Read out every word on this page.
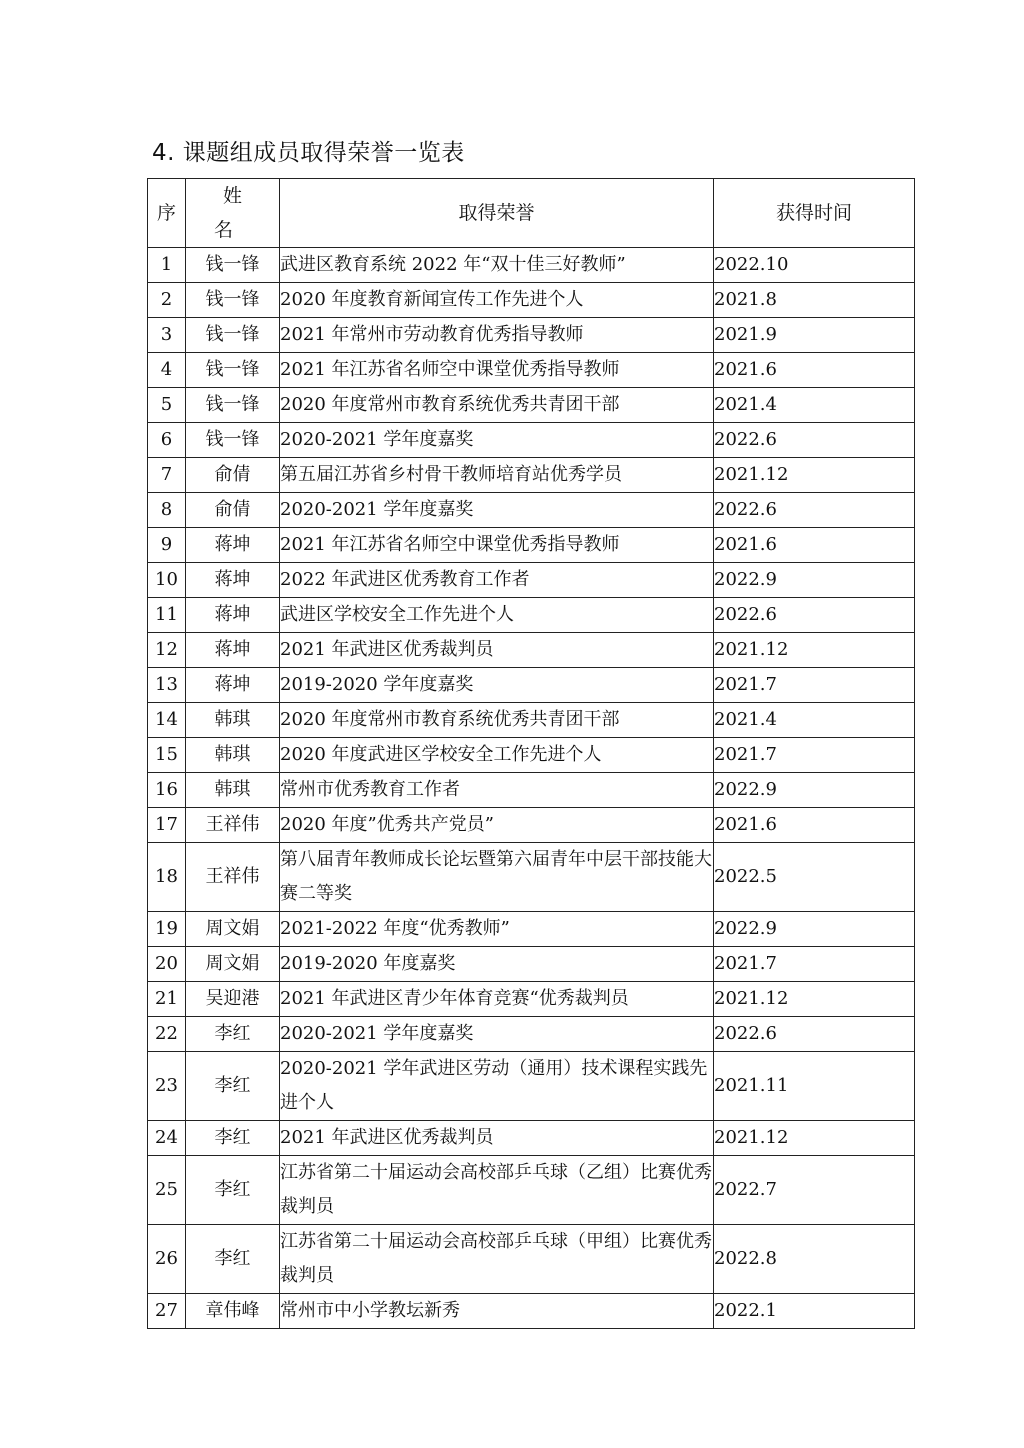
4. 课题组成员取得荣誉一览表
序	姓 名	取得荣誉	获得时间
1	钱一锋	武进区教育系统 2022 年“双十佳三好教师”	2022.10
2	钱一锋	2020 年度教育新闻宣传工作先进个人	2021.8
3	钱一锋	2021 年常州市劳动教育优秀指导教师	2021.9
4	钱一锋	2021 年江苏省名师空中课堂优秀指导教师	2021.6
5	钱一锋	2020 年度常州市教育系统优秀共青团干部	2021.4
6	钱一锋	2020-2021 学年度嘉奖	2022.6
7	俞倩	第五届江苏省乡村骨干教师培育站优秀学员	2021.12
8	俞倩	2020-2021 学年度嘉奖	2022.6
9	蒋坤	2021 年江苏省名师空中课堂优秀指导教师	2021.6
10	蒋坤	2022 年武进区优秀教育工作者	2022.9
11	蒋坤	武进区学校安全工作先进个人	2022.6
12	蒋坤	2021 年武进区优秀裁判员	2021.12
13	蒋坤	2019-2020 学年度嘉奖	2021.7
14	韩琪	2020 年度常州市教育系统优秀共青团干部	2021.4
15	韩琪	2020 年度武进区学校安全工作先进个人	2021.7
16	韩琪	常州市优秀教育工作者	2022.9
17	王祥伟	2020 年度”优秀共产党员”	2021.6
18	王祥伟	第八届青年教师成长论坛暨第六届青年中层干部技能大赛二等奖	2022.5
19	周文娟	2021-2022 年度“优秀教师”	2022.9
20	周文娟	2019-2020 年度嘉奖	2021.7
21	吴迎港	2021 年武进区青少年体育竞赛“优秀裁判员	2021.12
22	李红	2020-2021 学年度嘉奖	2022.6
23	李红	2020-2021 学年武进区劳动（通用）技术课程实践先进个人	2021.11
24	李红	2021 年武进区优秀裁判员	2021.12
25	李红	江苏省第二十届运动会高校部乒乓球（乙组）比赛优秀裁判员	2022.7
26	李红	江苏省第二十届运动会高校部乒乓球（甲组）比赛优秀裁判员	2022.8
27	章伟峰	常州市中小学教坛新秀	2022.1
